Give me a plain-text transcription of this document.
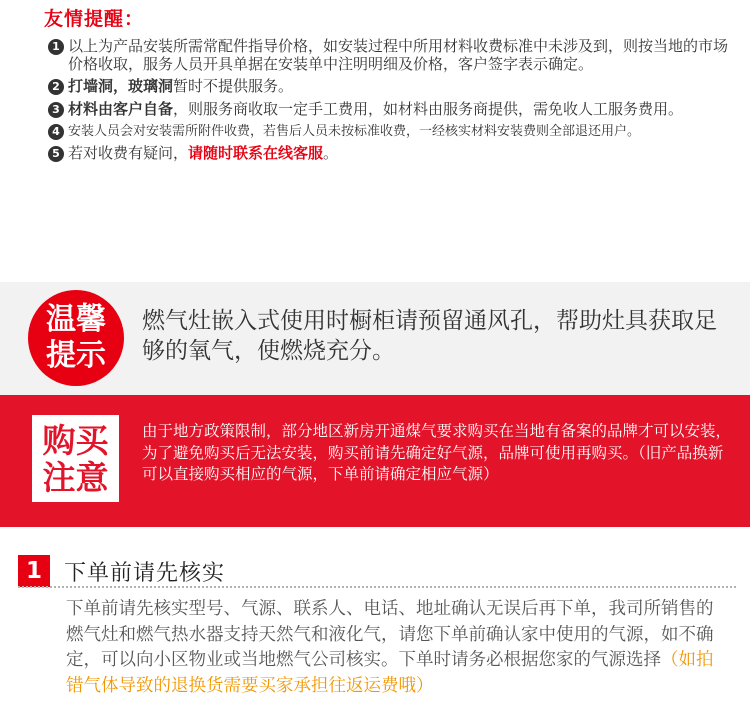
友情提醒：
1 以上为产品安装所需常配件指导价格，如安装过程中所用材料收费标准中未涉及到，则按当地的市场价格收取，服务人员开具单据在安装单中注明明细及价格，客户签字表示确定。
2 打墙洞，玻璃洞暂时不提供服务。
3 材料由客户自备，则服务商收取一定手工费用，如材料由服务商提供，需免收人工服务费用。
4 安装人员会对安装需所附件收费，若售后人员未按标准收费，一经核实材料安装费则全部退还用户。
5 若对收费有疑问，请随时联系在线客服。
温馨
提示
燃气灶嵌入式使用时橱柜请预留通风孔，帮助灶具获取足够的氧气，使燃烧充分。
购买
注意
由于地方政策限制，部分地区新房开通煤气要求购买在当地有备案的品牌才可以安装，为了避免购买后无法安装，购买前请先确定好气源，品牌可使用再购买。（旧产品换新可以直接购买相应的气源，下单前请确定相应气源）
1	下单前请先核实
下单前请先核实型号、气源、联系人、电话、地址确认无误后再下单，我司所销售的燃气灶和燃气热水器支持天然气和液化气，请您下单前确认家中使用的气源，如不确定，可以向小区物业或当地燃气公司核实。下单时请务必根据您家的气源选择（如拍错气体导致的退换货需要买家承担往返运费哦）
